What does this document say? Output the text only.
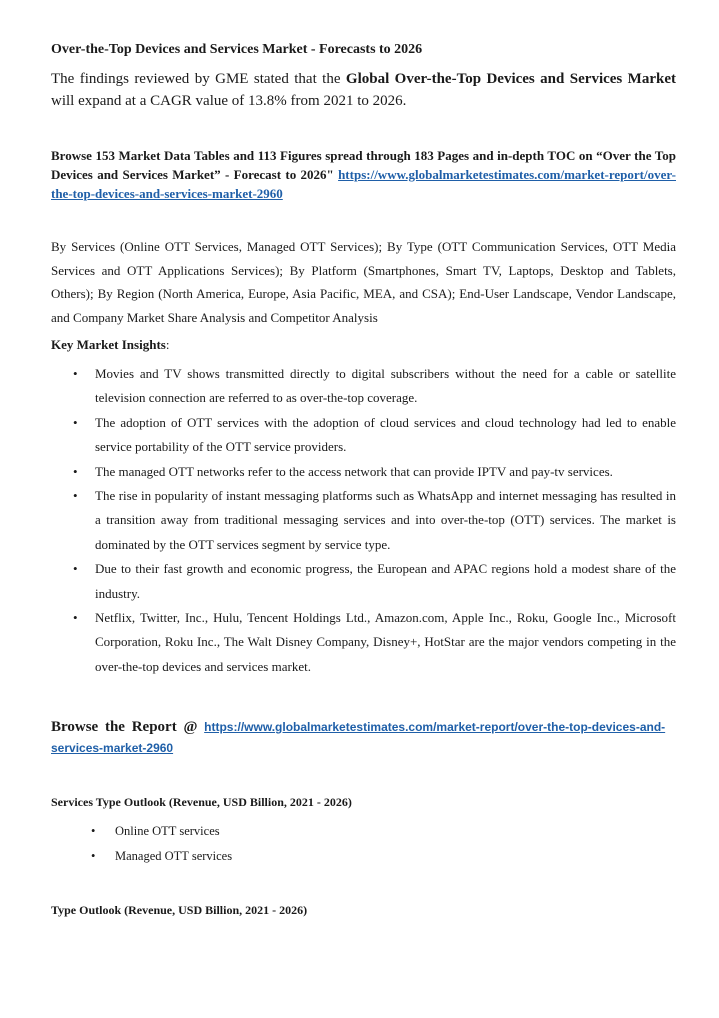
Over-the-Top Devices and Services Market - Forecasts to 2026
The findings reviewed by GME stated that the Global Over-the-Top Devices and Services Market will expand at a CAGR value of 13.8% from 2021 to 2026.
Browse 153 Market Data Tables and 113 Figures spread through 183 Pages and in-depth TOC on “Over the Top Devices and Services Market” - Forecast to 2026" https://www.globalmarketestimates.com/market-report/over-the-top-devices-and-services-market-2960
By Services (Online OTT Services, Managed OTT Services); By Type (OTT Communication Services, OTT Media Services and OTT Applications Services); By Platform (Smartphones, Smart TV, Laptops, Desktop and Tablets, Others); By Region (North America, Europe, Asia Pacific, MEA, and CSA); End-User Landscape, Vendor Landscape, and Company Market Share Analysis and Competitor Analysis
Key Market Insights:
• Movies and TV shows transmitted directly to digital subscribers without the need for a cable or satellite television connection are referred to as over-the-top coverage.
• The adoption of OTT services with the adoption of cloud services and cloud technology had led to enable service portability of the OTT service providers.
• The managed OTT networks refer to the access network that can provide IPTV and pay-tv services.
• The rise in popularity of instant messaging platforms such as WhatsApp and internet messaging has resulted in a transition away from traditional messaging services and into over-the-top (OTT) services. The market is dominated by the OTT services segment by service type.
• Due to their fast growth and economic progress, the European and APAC regions hold a modest share of the industry.
• Netflix, Twitter, Inc., Hulu, Tencent Holdings Ltd., Amazon.com, Apple Inc., Roku, Google Inc., Microsoft Corporation, Roku Inc., The Walt Disney Company, Disney+, HotStar are the major vendors competing in the over-the-top devices and services market.
Browse the Report @ https://www.globalmarketestimates.com/market-report/over-the-top-devices-and-services-market-2960
Services Type Outlook (Revenue, USD Billion, 2021 - 2026)
• Online OTT services
• Managed OTT services
Type Outlook (Revenue, USD Billion, 2021 - 2026)
